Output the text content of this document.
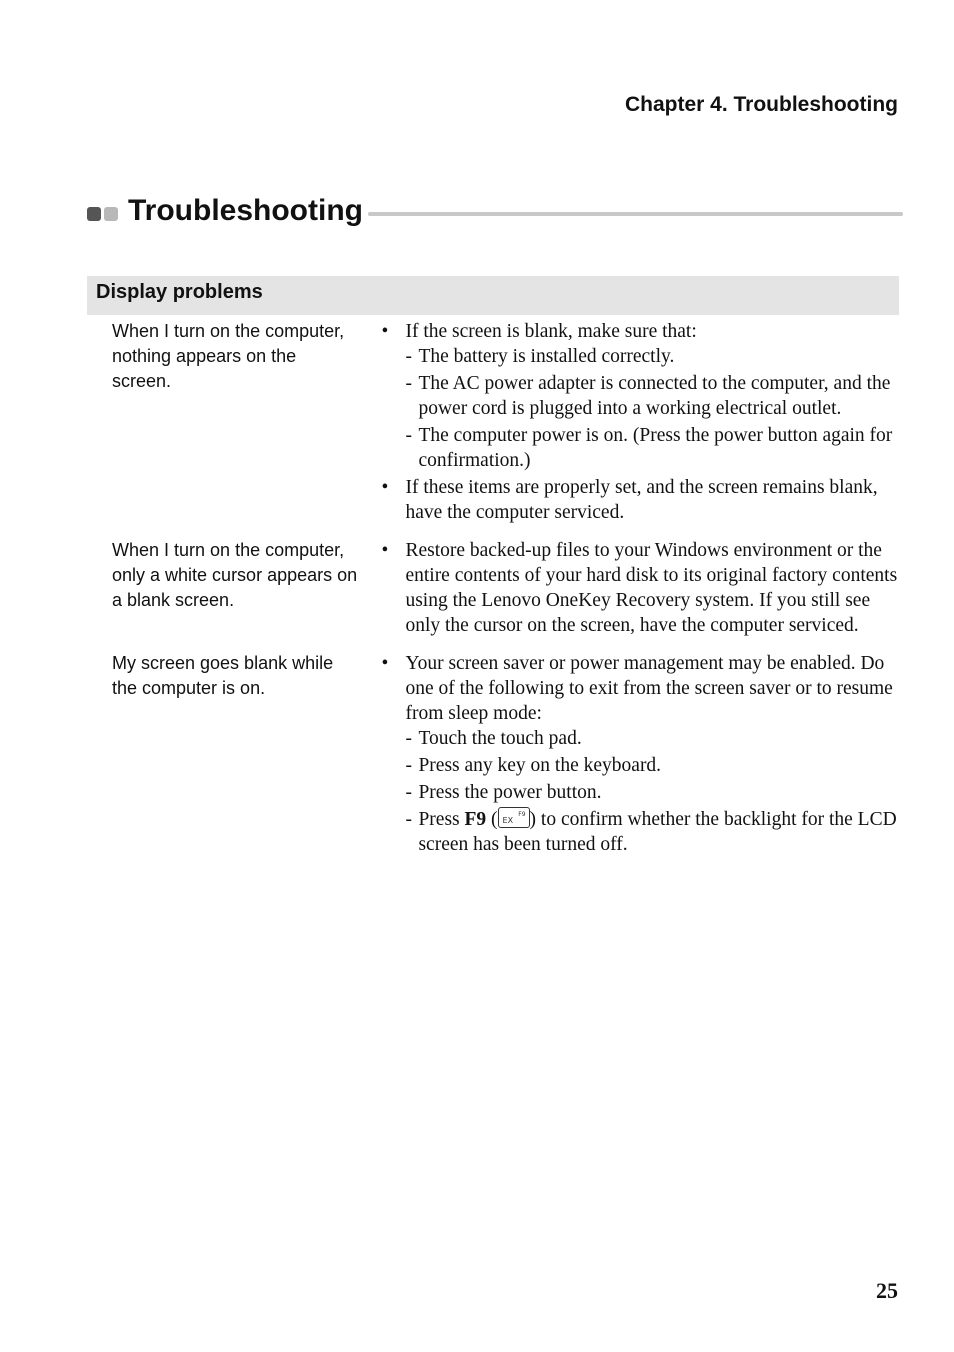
Chapter 4. Troubleshooting
Troubleshooting
Display problems
When I turn on the computer, nothing appears on the screen.
• If the screen is blank, make sure that:
- The battery is installed correctly.
- The AC power adapter is connected to the computer, and the power cord is plugged into a working electrical outlet.
- The computer power is on. (Press the power button again for confirmation.)
• If these items are properly set, and the screen remains blank, have the computer serviced.
When I turn on the computer, only a white cursor appears on a blank screen.
• Restore backed-up files to your Windows environment or the entire contents of your hard disk to its original factory contents using the Lenovo OneKey Recovery system. If you still see only the cursor on the screen, have the computer serviced.
My screen goes blank while the computer is on.
• Your screen saver or power management may be enabled. Do one of the following to exit from the screen saver or to resume from sleep mode:
- Touch the touch pad.
- Press any key on the keyboard.
- Press the power button.
- Press F9 ( EX
F9 ) to confirm whether the backlight for the LCD screen has been turned off.
25
